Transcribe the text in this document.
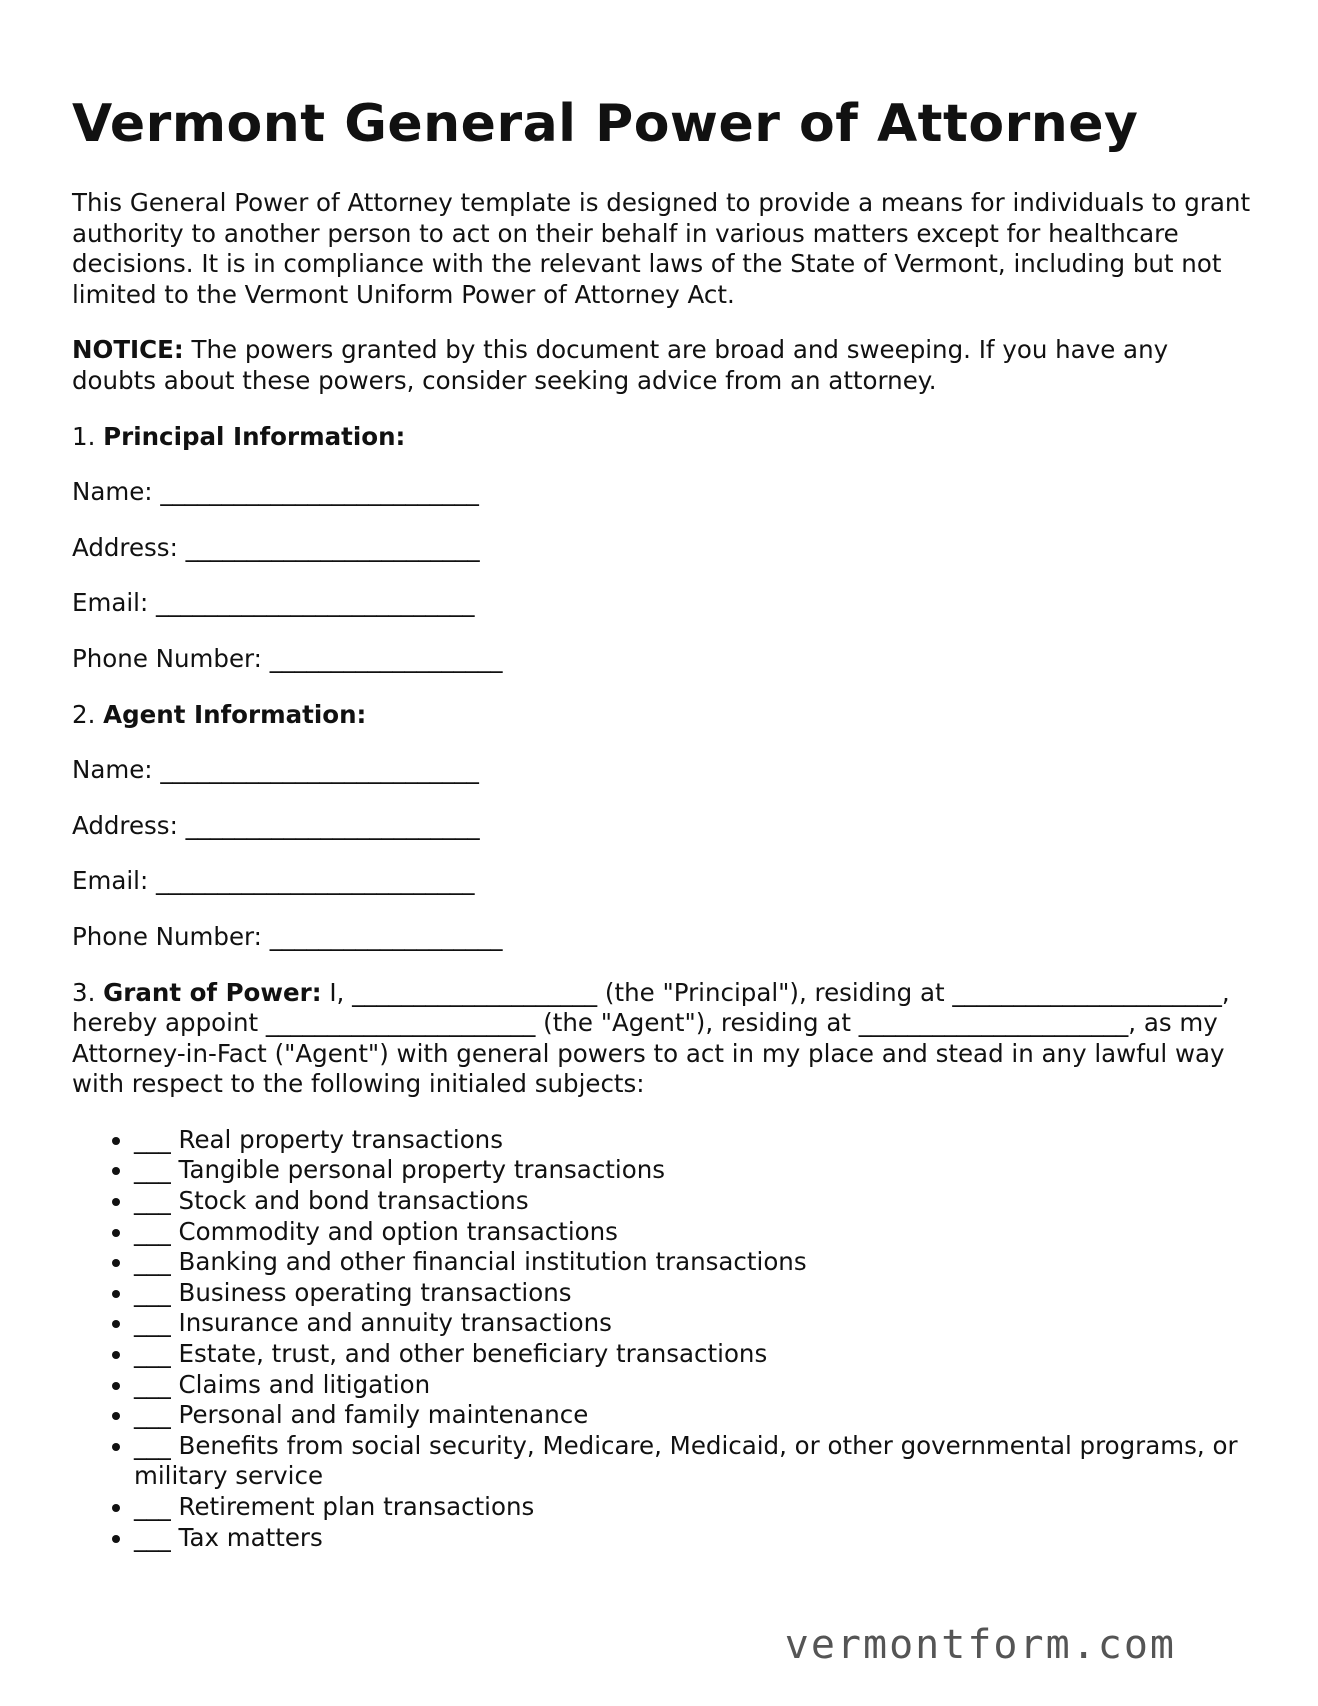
Vermont General Power of Attorney

This General Power of Attorney template is designed to provide a means for individuals to grant authority to another person to act on their behalf in various matters except for healthcare decisions. It is in compliance with the relevant laws of the State of Vermont, including but not limited to the Vermont Uniform Power of Attorney Act.

NOTICE: The powers granted by this document are broad and sweeping. If you have any doubts about these powers, consider seeking advice from an attorney.

1. Principal Information:

Name: __________________________
Address: ________________________
Email: __________________________
Phone Number: ___________________

2. Agent Information:

Name: __________________________
Address: ________________________
Email: __________________________
Phone Number: ___________________

3. Grant of Power: I, ____________________ (the "Principal"), residing at ______________________, hereby appoint ______________________ (the "Agent"), residing at ______________________, as my Attorney-in-Fact ("Agent") with general powers to act in my place and stead in any lawful way with respect to the following initialed subjects:

• ___ Real property transactions
• ___ Tangible personal property transactions
• ___ Stock and bond transactions
• ___ Commodity and option transactions
• ___ Banking and other financial institution transactions
• ___ Business operating transactions
• ___ Insurance and annuity transactions
• ___ Estate, trust, and other beneficiary transactions
• ___ Claims and litigation
• ___ Personal and family maintenance
• ___ Benefits from social security, Medicare, Medicaid, or other governmental programs, or military service
• ___ Retirement plan transactions
• ___ Tax matters
vermontform.com
